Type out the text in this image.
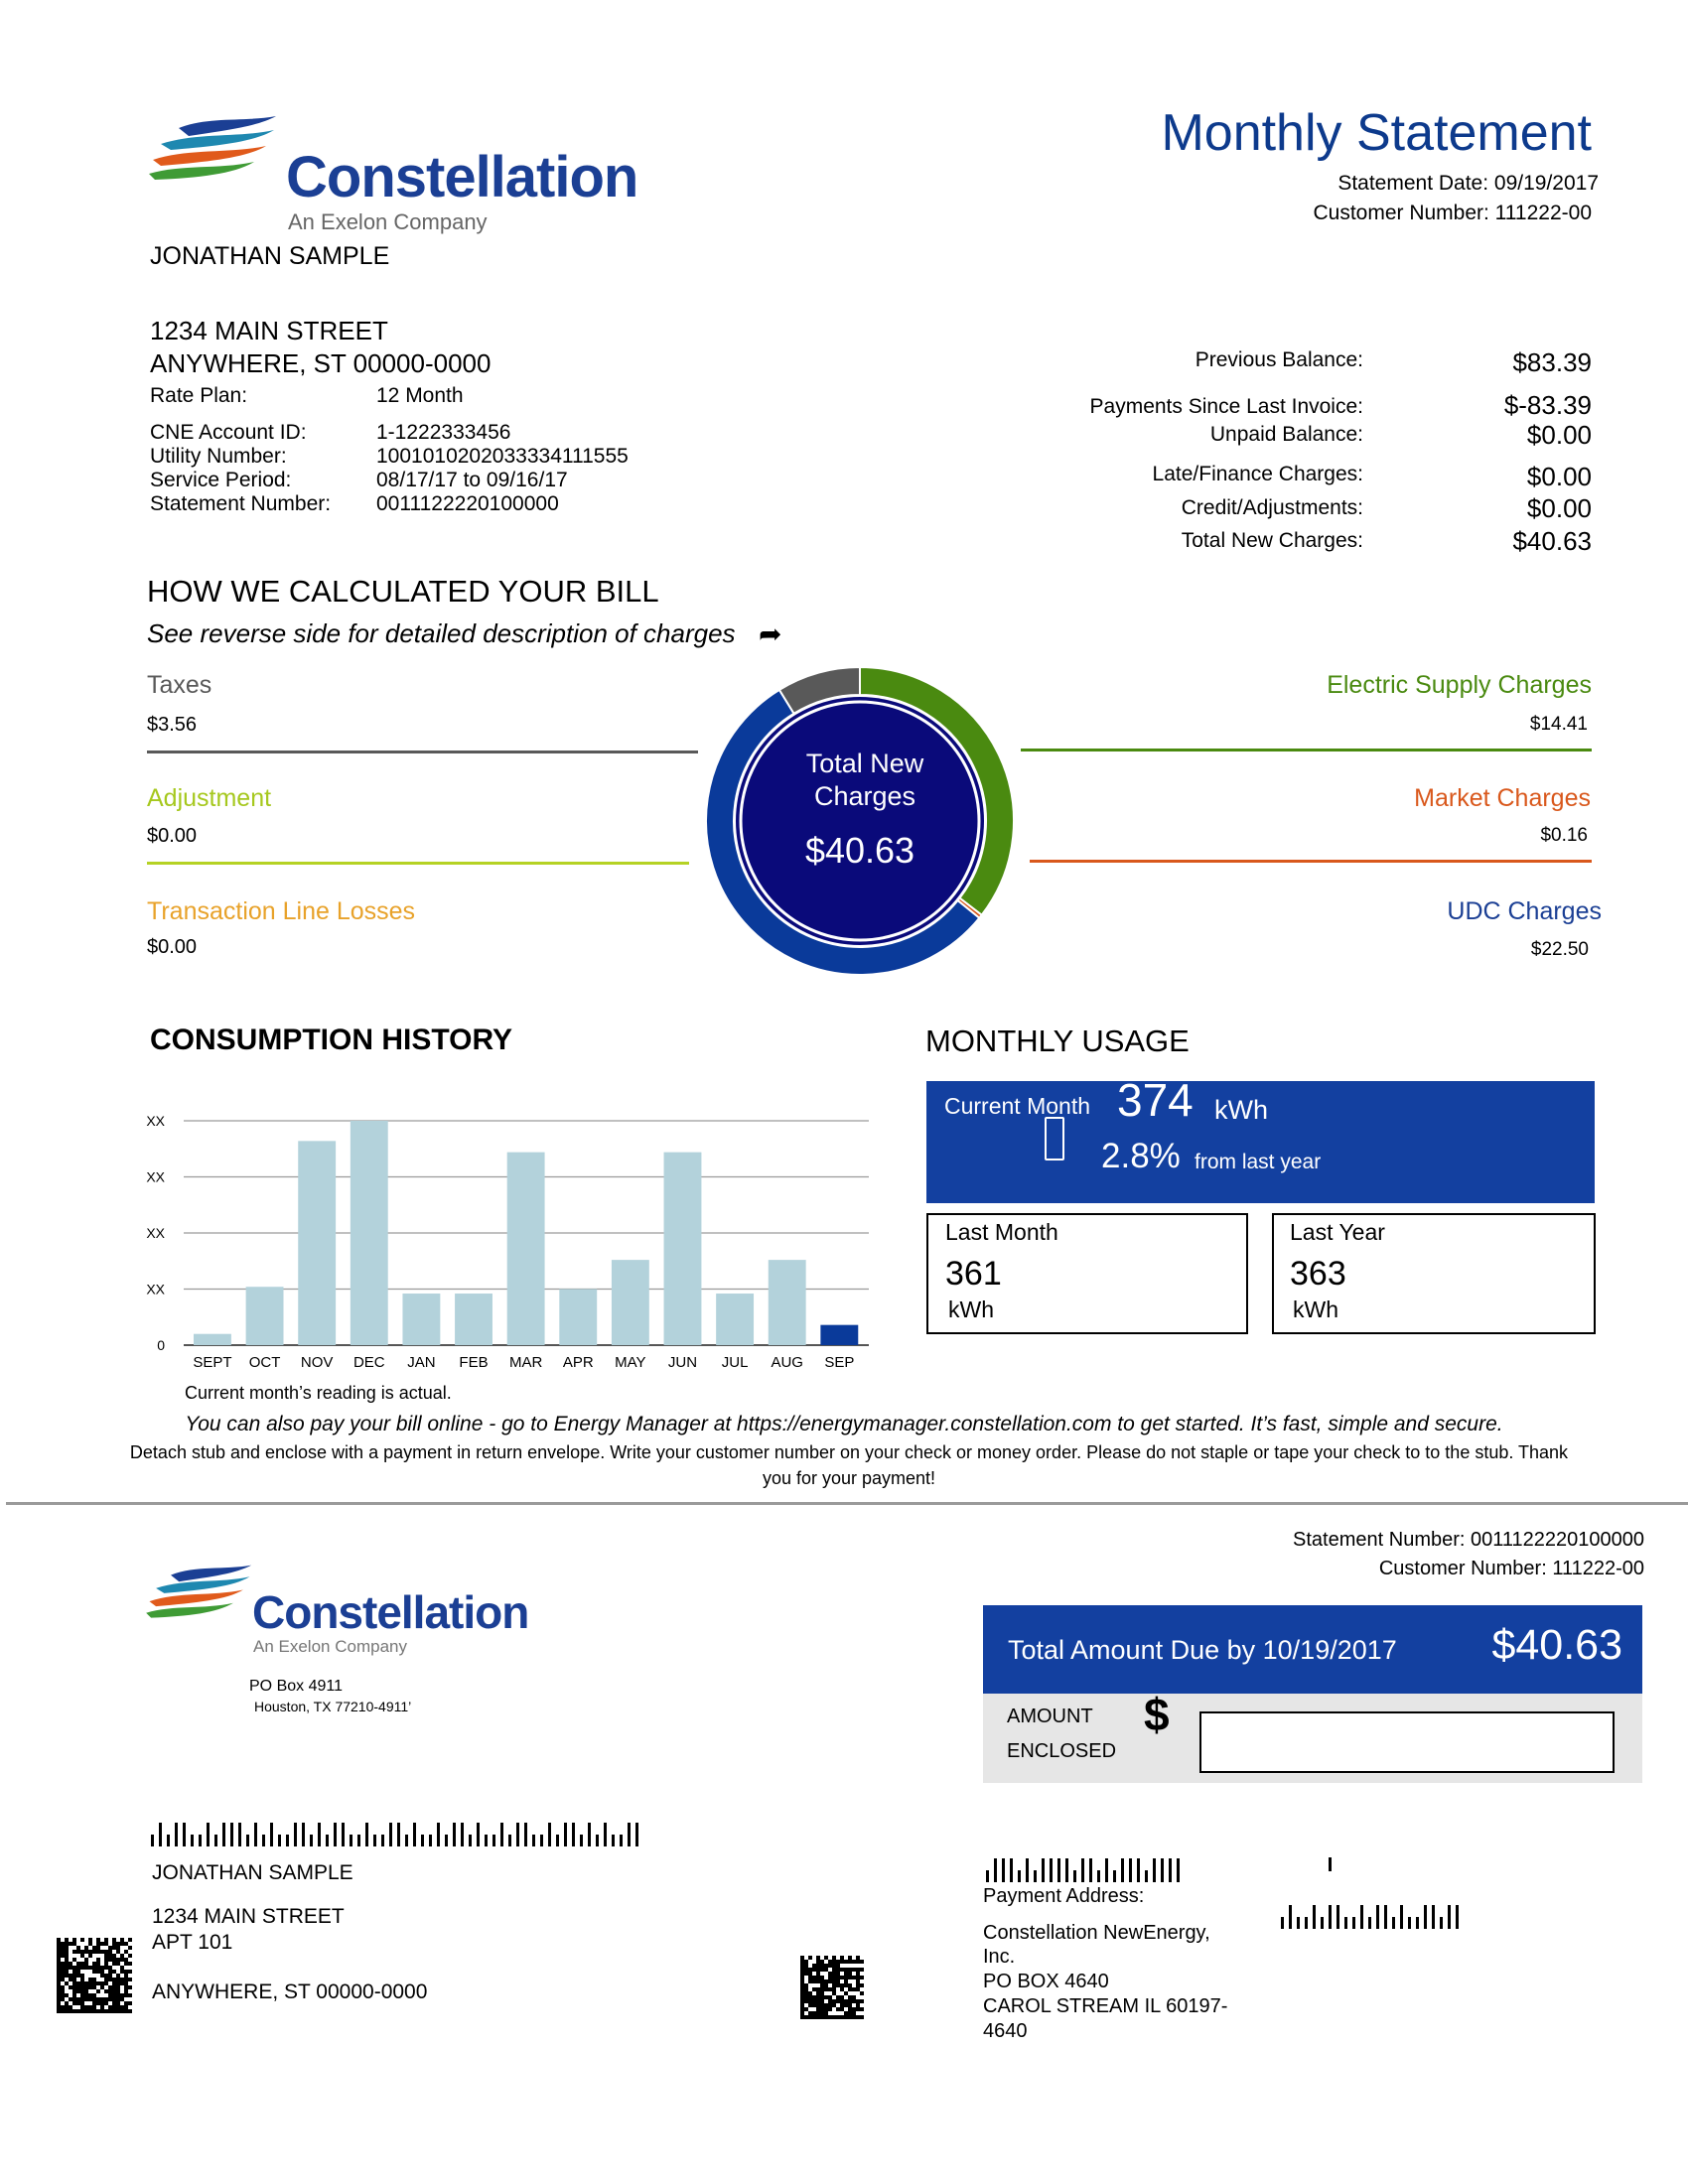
Constellation
An Exelon Company
Monthly Statement
Statement Date: 09/19/2017
Customer Number: 111222-00
JONATHAN SAMPLE
1234 MAIN STREET
ANYWHERE, ST 00000-0000
Rate Plan:	12 Month
CNE Account ID:	1-1222333456
Utility Number:	1001010202033334111555
Service Period:	08/17/17 to 09/16/17
Statement Number: 0011122220100000
Previous Balance:	$83.39
Payments Since Last Invoice:	$-83.39
Unpaid Balance:	$0.00
Late/Finance Charges:	$0.00
Credit/Adjustments:	$0.00
Total New Charges:	$40.63
HOW WE CALCULATED YOUR BILL
See reverse side for detailed description of charges ➦
Taxes
$3.56
Adjustment
$0.00
Transaction Line Losses
$0.00
Electric Supply Charges
$14.41
Market Charges
$0.16
UDC Charges
$22.50
Total New Charges
$40.63
CONSUMPTION HISTORY
0
XX
XX
XX
XX
SEPT OCT NOV DEC JAN FEB MAR APR MAY JUN JUL AUG SEP
Current month’s reading is actual.
MONTHLY USAGE
Current Month 374 kWh
2.8% from last year
Last Month
361
kWh
Last Year
363
kWh
You can also pay your bill online - go to Energy Manager at https://energymanager.constellation.com to get started. It’s fast, simple and secure.
Detach stub and enclose with a payment in return envelope. Write your customer number on your check or money order. Please do not staple or tape your check to to the stub. Thank you for your payment!
Constellation
An Exelon Company
PO Box 4911
Houston, TX 77210-4911’
Statement Number: 0011122220100000
Customer Number: 111222-00
Total Amount Due by 10/19/2017 $40.63
AMOUNT
ENCLOSED
$
JONATHAN SAMPLE
1234 MAIN STREET
APT 101
ANYWHERE, ST 00000-0000
Payment Address:
Constellation NewEnergy,
Inc.
PO BOX 4640
CAROL STREAM IL 60197-
4640
